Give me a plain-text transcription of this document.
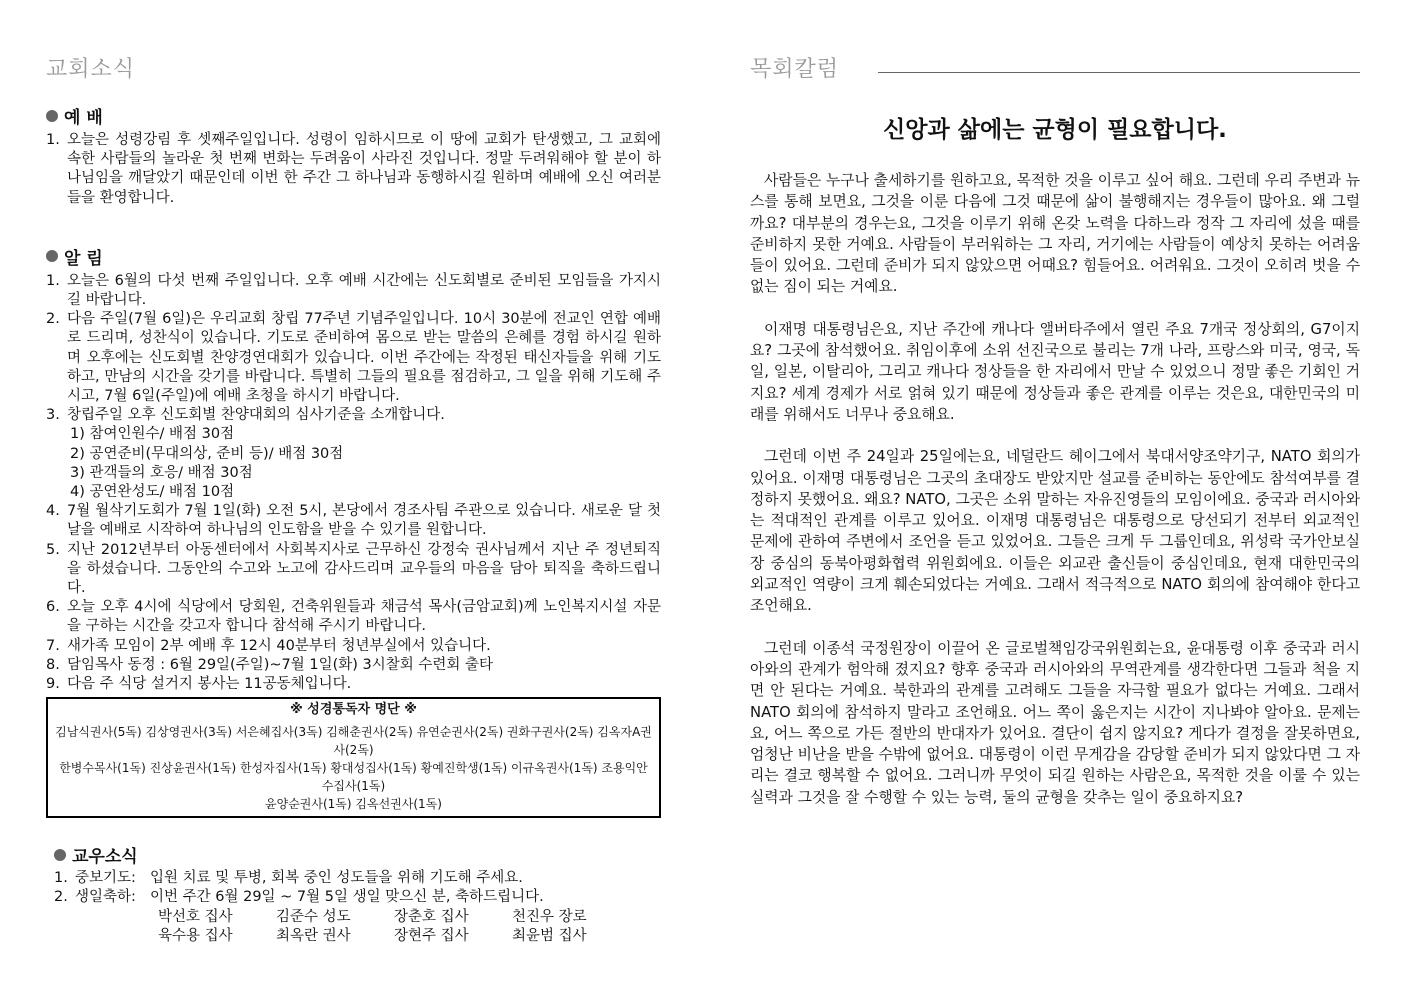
교회소식
예 배
1. 오늘은 성령강림 후 셋째주일입니다. 성령이 임하시므로 이 땅에 교회가 탄생했고, 그 교회에 속한 사람들의 놀라운 첫 번째 변화는 두려움이 사라진 것입니다. 정말 두려워해야 할 분이 하나님임을 깨달았기 때문인데 이번 한 주간 그 하나님과 동행하시길 원하며 예배에 오신 여러분들을 환영합니다.
알 림
1. 오늘은 6월의 다섯 번째 주일입니다. 오후 예배 시간에는 신도회별로 준비된 모임들을 가지시길 바랍니다.
2. 다음 주일(7월 6일)은 우리교회 창립 77주년 기념주일입니다. 10시 30분에 전교인 연합 예배로 드리며, 성찬식이 있습니다. 기도로 준비하여 몸으로 받는 말씀의 은혜를 경험 하시길 원하며 오후에는 신도회별 찬양경연대회가 있습니다. 이번 주간에는 작정된 태신자들을 위해 기도하고, 만남의 시간을 갖기를 바랍니다. 특별히 그들의 필요를 점검하고, 그 일을 위해 기도해 주시고, 7월 6일(주일)에 예배 초청을 하시기 바랍니다.
3. 창립주일 오후 신도회별 찬양대회의 심사기준을 소개합니다.
1) 참여인원수/ 배점 30점
2) 공연준비(무대의상, 준비 등)/ 배점 30점
3) 관객들의 호응/ 배점 30점
4) 공연완성도/ 배점 10점
4. 7월 월삭기도회가 7월 1일(화) 오전 5시, 본당에서 경조사팀 주관으로 있습니다. 새로운 달 첫날을 예배로 시작하여 하나님의 인도함을 받을 수 있기를 원합니다.
5. 지난 2012년부터 아동센터에서 사회복지사로 근무하신 강정숙 권사님께서 지난 주 정년퇴직을 하셨습니다. 그동안의 수고와 노고에 감사드리며 교우들의 마음을 담아 퇴직을 축하드립니다.
6. 오늘 오후 4시에 식당에서 당회원, 건축위원들과 채금석 목사(금암교회)께 노인복지시설 자문을 구하는 시간을 갖고자 합니다 참석해 주시기 바랍니다.
7. 새가족 모임이 2부 예배 후 12시 40분부터 청년부실에서 있습니다.
8. 담임목사 동정 : 6월 29일(주일)~7월 1일(화) 3시찰회 수련회 출타
9. 다음 주 식당 설거지 봉사는 11공동체입니다.
※ 성경통독자 명단 ※
김남식권사(5독) 김상영권사(3독) 서은혜집사(3독) 김해춘권사(2독) 유연순권사(2독) 권화구권사(2독) 김옥자A권사(2독)
한병수목사(1독) 진상윤권사(1독) 한성자집사(1독) 황대성집사(1독) 황예진학생(1독) 이규옥권사(1독) 조용익안수집사(1독)
윤양순권사(1독) 김옥선권사(1독)
교우소식
1. 중보기도: 입원 치료 및 투병, 회복 중인 성도들을 위해 기도해 주세요.
2. 생일축하: 이번 주간 6월 29일 ~ 7월 5일 생일 맞으신 분, 축하드립니다.
박선호 집사	김준수 성도	장춘호 집사	천진우 장로
육수용 집사	최옥란 권사	장현주 집사	최윤범 집사
목회칼럼
신앙과 삶에는 균형이 필요합니다.

사람들은 누구나 출세하기를 원하고요, 목적한 것을 이루고 싶어 해요. 그런데 우리 주변과 뉴스를 통해 보면요, 그것을 이룬 다음에 그것 때문에 삶이 불행해지는 경우들이 많아요. 왜 그럴까요? 대부분의 경우는요, 그것을 이루기 위해 온갖 노력을 다하느라 정작 그 자리에 섰을 때를 준비하지 못한 거예요. 사람들이 부러워하는 그 자리, 거기에는 사람들이 예상치 못하는 어려움들이 있어요. 그런데 준비가 되지 않았으면 어때요? 힘들어요. 어려워요. 그것이 오히려 벗을 수 없는 짐이 되는 거예요.

이재명 대통령님은요, 지난 주간에 캐나다 앨버타주에서 열린 주요 7개국 정상회의, G7이지요? 그곳에 참석했어요. 취임이후에 소위 선진국으로 불리는 7개 나라, 프랑스와 미국, 영국, 독일, 일본, 이탈리아, 그리고 캐나다 정상들을 한 자리에서 만날 수 있었으니 정말 좋은 기회인 거지요? 세계 경제가 서로 얽혀 있기 때문에 정상들과 좋은 관계를 이루는 것은요, 대한민국의 미래를 위해서도 너무나 중요해요.

그런데 이번 주 24일과 25일에는요, 네덜란드 헤이그에서 북대서양조약기구, NATO 회의가 있어요. 이재명 대통령님은 그곳의 초대장도 받았지만 설교를 준비하는 동안에도 참석여부를 결정하지 못했어요. 왜요? NATO, 그곳은 소위 말하는 자유진영들의 모임이에요. 중국과 러시아와는 적대적인 관계를 이루고 있어요. 이재명 대통령님은 대통령으로 당선되기 전부터 외교적인 문제에 관하여 주변에서 조언을 듣고 있었어요. 그들은 크게 두 그룹인데요, 위성락 국가안보실장 중심의 동북아평화협력 위원회에요. 이들은 외교관 출신들이 중심인데요, 현재 대한민국의 외교적인 역량이 크게 훼손되었다는 거예요. 그래서 적극적으로 NATO 회의에 참여해야 한다고 조언해요.

그런데 이종석 국정원장이 이끌어 온 글로벌책임강국위원회는요, 윤대통령 이후 중국과 러시아와의 관계가 험악해 졌지요? 향후 중국과 러시아와의 무역관계를 생각한다면 그들과 척을 지면 안 된다는 거예요. 북한과의 관계를 고려해도 그들을 자극할 필요가 없다는 거예요. 그래서 NATO 회의에 참석하지 말라고 조언해요. 어느 쪽이 옳은지는 시간이 지나봐야 알아요. 문제는요, 어느 쪽으로 가든 절반의 반대자가 있어요. 결단이 쉽지 않지요? 게다가 결정을 잘못하면요, 엄청난 비난을 받을 수밖에 없어요. 대통령이 이런 무게감을 감당할 준비가 되지 않았다면 그 자리는 결코 행복할 수 없어요. 그러니까 무엇이 되길 원하는 사람은요, 목적한 것을 이룰 수 있는 실력과 그것을 잘 수행할 수 있는 능력, 둘의 균형을 갖추는 일이 중요하지요?
